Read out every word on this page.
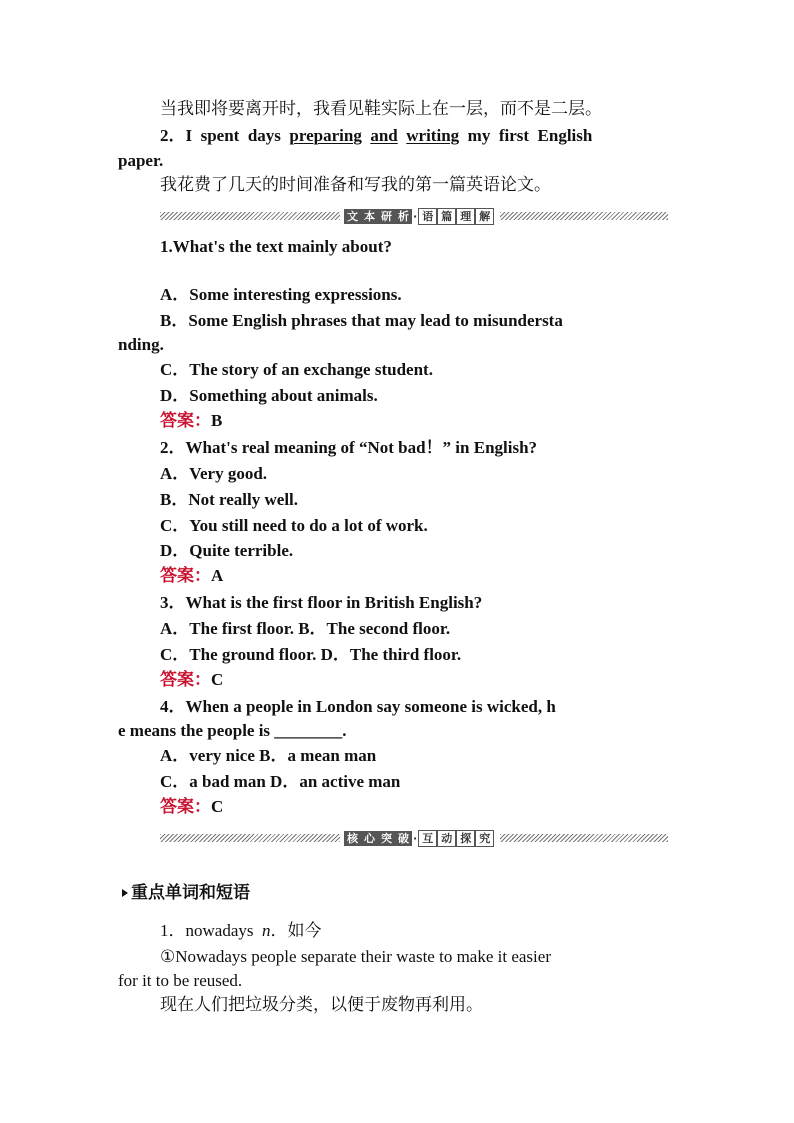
当我即将要离开时，我看见鞋实际上在一层，而不是二层。
2．I  spent  days  preparing and writing  my  first  English
paper.
我花费了几天的时间准备和写我的第一篇英语论文。
文 本 研 析 · 语 篇 理 解
1.What's the text mainly about?
A．Some interesting expressions.
B．Some English phrases that may lead to misundersta
nding.
C．The story of an exchange student.
D．Something about animals.
答案：B
2．What's real meaning of “Not bad！” in English?
A．Very good.
B．Not really well.
C．You still need to do a lot of work.
D．Quite terrible.
答案：A
3．What is the first floor in British English?
A．The first floor. B．The second floor.
C．The ground floor. D．The third floor.
答案：C
4．When a people in London say someone is wicked, h
e means the people is ________.
A．very nice B．a mean man
C．a bad man D．an active man
答案：C
核 心 突 破 · 互 动 探 究
重点单词和短语
1．nowadays  n．如今
①Nowadays people separate their waste to make it easier
for it to be reused.
现在人们把垃圾分类，以便于废物再利用。
